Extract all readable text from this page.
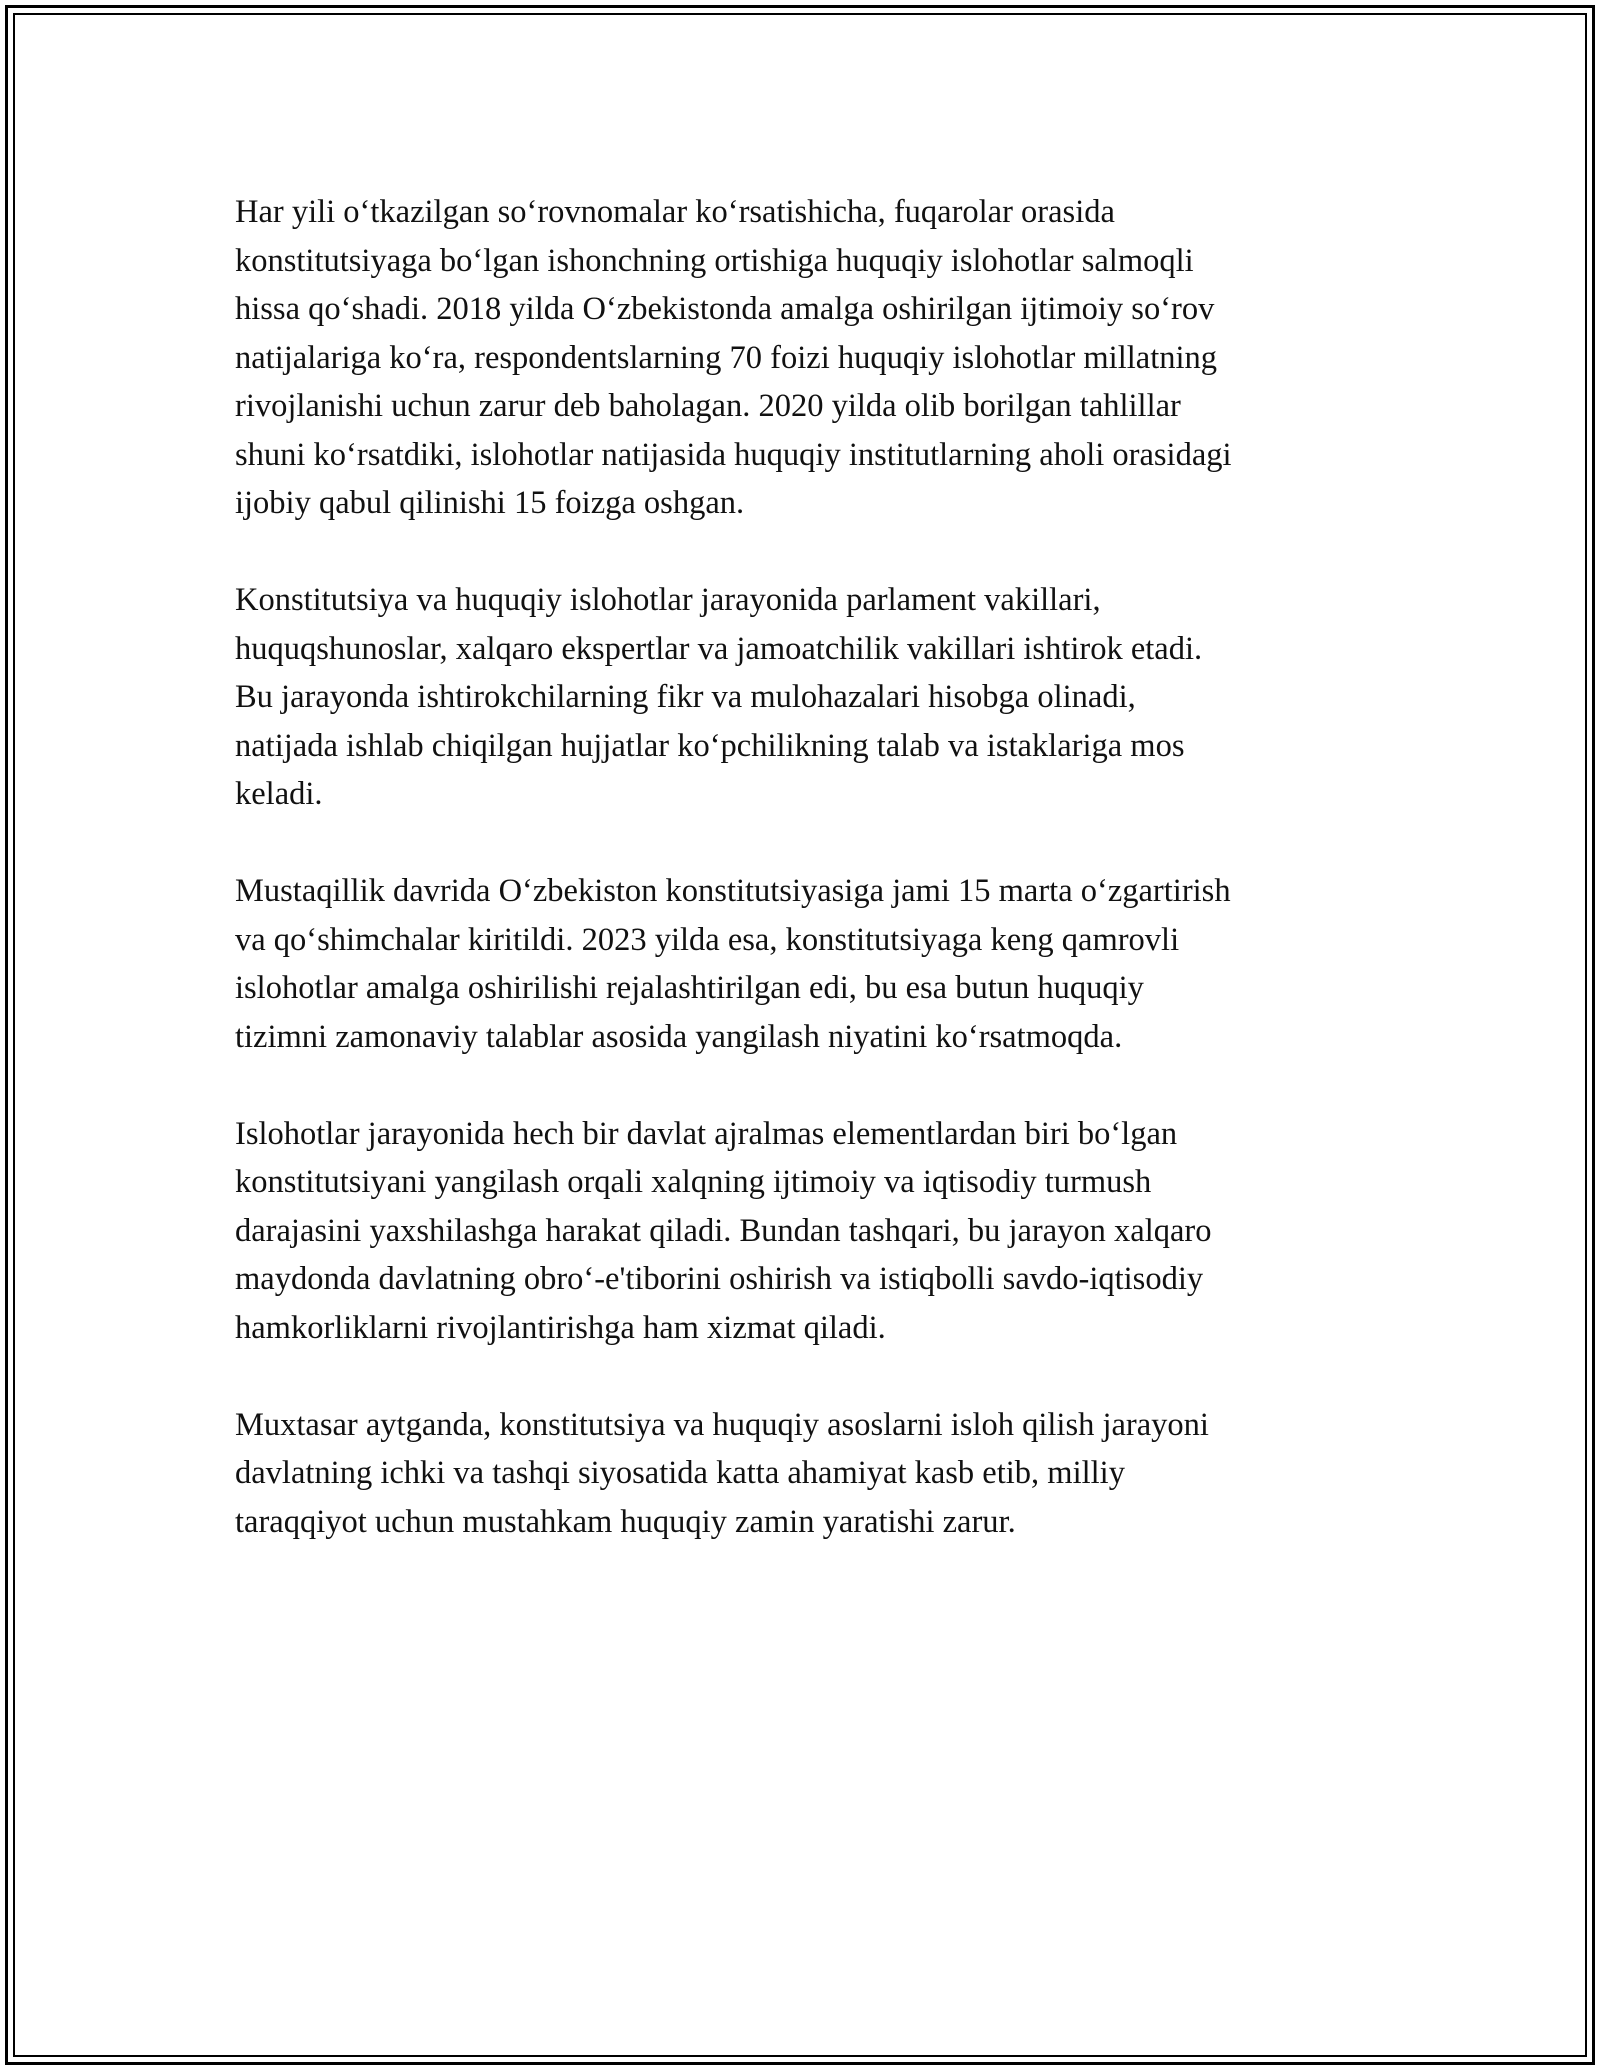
Har yili o‘tkazilgan so‘rovnomalar ko‘rsatishicha, fuqarolar orasida
konstitutsiyaga bo‘lgan ishonchning ortishiga huquqiy islohotlar salmoqli
hissa qo‘shadi. 2018 yilda O‘zbekistonda amalga oshirilgan ijtimoiy so‘rov
natijalariga ko‘ra, respondentslarning 70 foizi huquqiy islohotlar millatning
rivojlanishi uchun zarur deb baholagan. 2020 yilda olib borilgan tahlillar
shuni ko‘rsatdiki, islohotlar natijasida huquqiy institutlarning aholi orasidagi
ijobiy qabul qilinishi 15 foizga oshgan.

Konstitutsiya va huquqiy islohotlar jarayonida parlament vakillari,
huquqshunoslar, xalqaro ekspertlar va jamoatchilik vakillari ishtirok etadi.
Bu jarayonda ishtirokchilarning fikr va mulohazalari hisobga olinadi,
natijada ishlab chiqilgan hujjatlar ko‘pchilikning talab va istaklariga mos
keladi.

Mustaqillik davrida O‘zbekiston konstitutsiyasiga jami 15 marta o‘zgartirish
va qo‘shimchalar kiritildi. 2023 yilda esa, konstitutsiyaga keng qamrovli
islohotlar amalga oshirilishi rejalashtirilgan edi, bu esa butun huquqiy
tizimni zamonaviy talablar asosida yangilash niyatini ko‘rsatmoqda.

Islohotlar jarayonida hech bir davlat ajralmas elementlardan biri bo‘lgan
konstitutsiyani yangilash orqali xalqning ijtimoiy va iqtisodiy turmush
darajasini yaxshilashga harakat qiladi. Bundan tashqari, bu jarayon xalqaro
maydonda davlatning obro‘-e'tiborini oshirish va istiqbolli savdo-iqtisodiy
hamkorliklarni rivojlantirishga ham xizmat qiladi.

Muxtasar aytganda, konstitutsiya va huquqiy asoslarni isloh qilish jarayoni
davlatning ichki va tashqi siyosatida katta ahamiyat kasb etib, milliy
taraqqiyot uchun mustahkam huquqiy zamin yaratishi zarur.
